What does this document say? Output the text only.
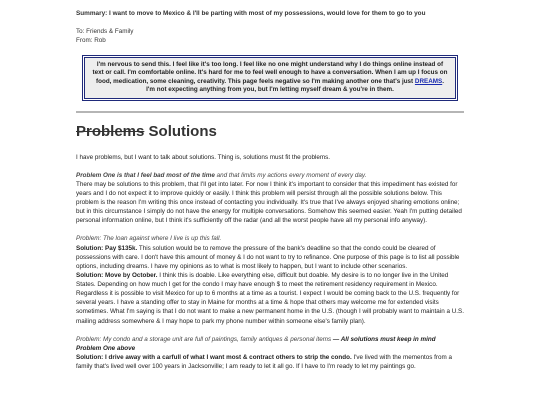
Summary: I want to move to Mexico & I'll be parting with most of my possessions, would love for them to go to you
To: Friends & Family
From: Rob
I'm nervous to send this. I feel like it's too long. I feel like no one might understand why I do things online instead of text or call. I'm comfortable online. It's hard for me to feel well enough to have a conversation. When I am up I focus on food, medication, some cleaning, creativity. This page feels negative so I'm making another one that's just DREAMS. I'm not expecting anything from you, but I'm letting myself dream & you're in them.
Problems Solutions

I have problems, but I want to talk about solutions. Thing is, solutions must fit the problems.

Problem One is that I feel bad most of the time and that limits my actions every moment of every day.
There may be solutions to this problem, that I'll get into later. For now I think it's important to consider that this impediment has existed for years and I do not expect it to improve quickly or easily. I think this problem will persist through all the possible solutions below. This problem is the reason I'm writing this once instead of contacting you individually. It's true that I've always enjoyed sharing emotions online; but in this circumstance I simply do not have the energy for multiple conversations. Somehow this seemed easier. Yeah I'm putting detailed personal information online, but I think it's sufficiently off the radar (and all the worst people have all my personal info anyway).
Problem: The loan against where I live is up this fall.
Solution: Pay $135k. This solution would be to remove the pressure of the bank's deadline so that the condo could be cleared of possessions with care. I don't have this amount of money & I do not want to try to refinance. One purpose of this page is to list all possible options, including dreams. I have my opinions as to what is most likely to happen, but I want to include other scenarios.
Solution: Move by October. I think this is doable. Like everything else, difficult but doable. My desire is to no longer live in the United States. Depending on how much I get for the condo I may have enough $ to meet the retirement residency requirement in Mexico. Regardless it is possible to visit Mexico for up to 6 months at a time as a tourist. I expect I would be coming back to the U.S. frequently for several years. I have a standing offer to stay in Maine for months at a time & hope that others may welcome me for extended visits sometimes. What I'm saying is that I do not want to make a new permanent home in the U.S. (though I will probably want to maintain a U.S. mailing address somewhere & I may hope to park my phone number within someone else's family plan).
Problem: My condo and a storage unit are full of paintings, family antiques & personal items — All solutions must keep in mind
Problem One above
Solution: I drive away with a carfull of what I want most & contract others to strip the condo. I've lived with the mementos from a family that's lived well over 100 years in Jacksonville; I am ready to let it all go. If I have to I'm ready to let my paintings go.
